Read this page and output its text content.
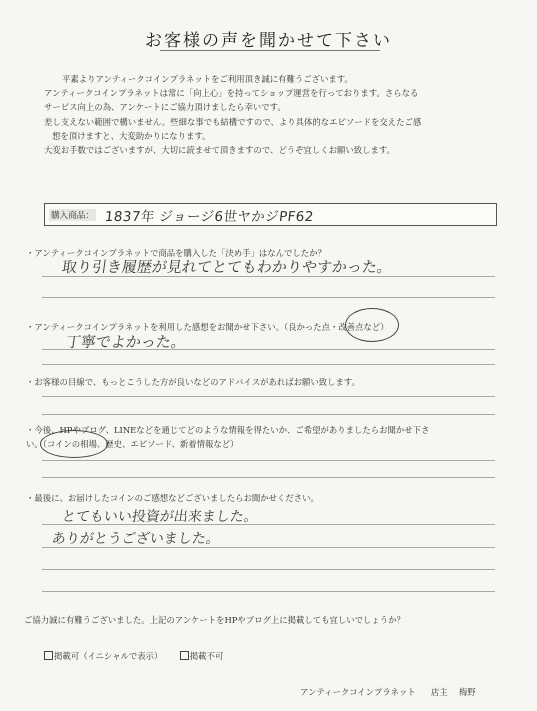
お客様の声を聞かせて下さい
平素よりアンティークコインプラネットをご利用頂き誠に有難うございます。
アンティークコインプラネットは常に「向上心」を持ってショップ運営を行っております。さらなる
サービス向上の為、アンケートにご協力頂けましたら幸いです。
差し支えない範囲で構いません。些細な事でも結構ですので、より具体的なエピソードを交えたご感
想を頂けますと、大変助かりになります。
大変お手数ではございますが、大切に読ませて頂きますので、どうぞ宜しくお願い致します。
購入商品： 1837年 ジョージ6世ヤかジPF62
・アンティークコインプラネットで商品を購入した「決め手」はなんでしたか？
取り引き履歴が見れてとてもわかりやすかった。
・アンティークコインプラネットを利用した感想をお聞かせ下さい。（良かった点・改善点など）
丁寧でよかった。
・お客様の目線で、もっとこうした方が良いなどのアドバイスがあればお願い致します。
・今後、HPやブログ、LINEなどを通じてどのような情報を得たいか、ご希望がありましたらお聞かせ下さ
い。（コインの相場、歴史、エピソード、新着情報など）
・最後に、お届けしたコインのご感想などございましたらお聞かせください。
とてもいい投資が出来ました。
ありがとうございました。
ご協力誠に有難うございました。上記のアンケートをHPやブログ上に掲載しても宜しいでしょうか？
掲載可（イニシャルで表示）	掲載不可
アンティークコインプラネット 店主 梅野
